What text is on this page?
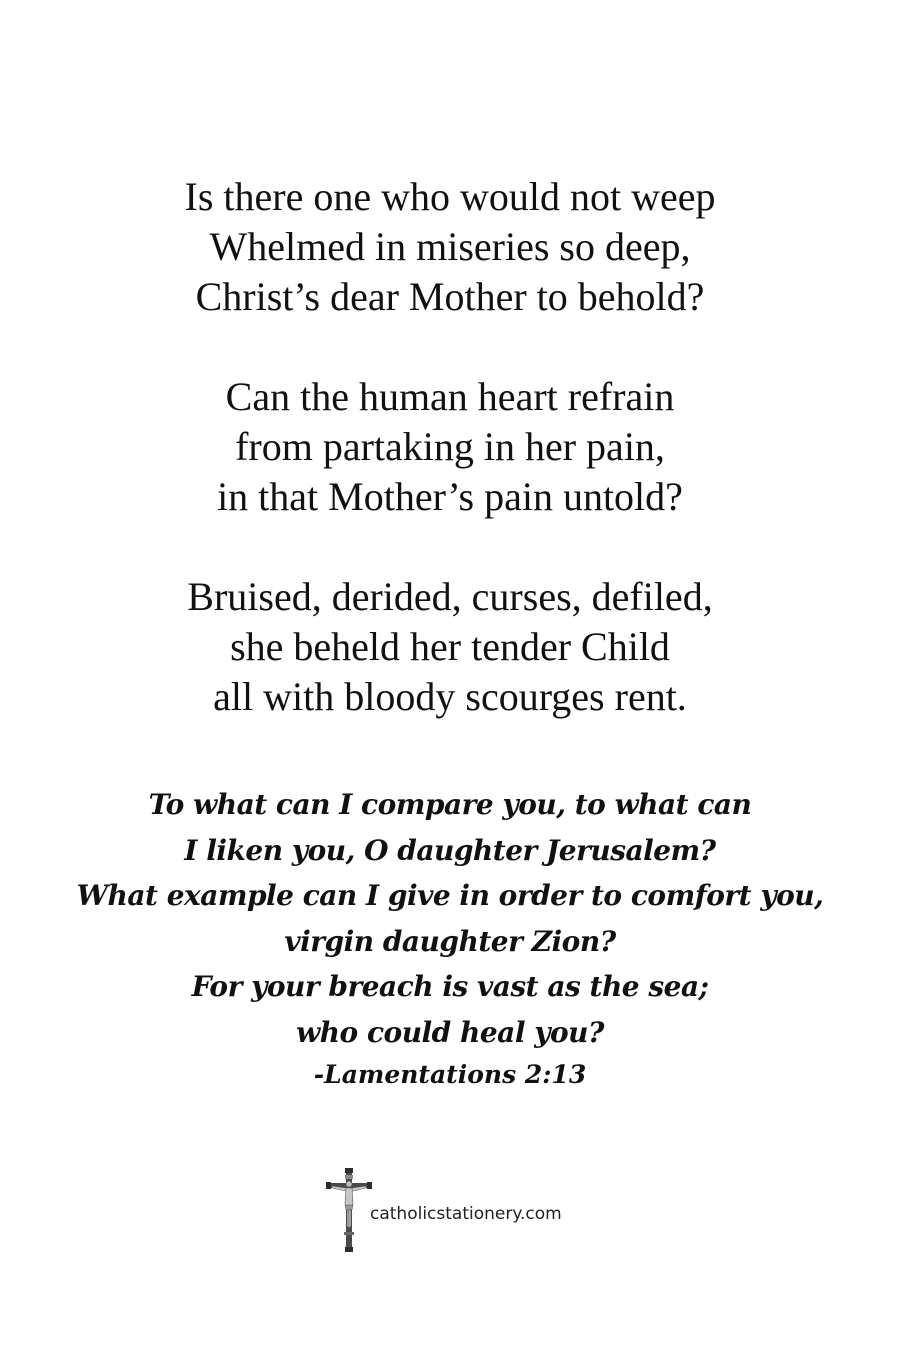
Is there one who would not weep
Whelmed in miseries so deep,
Christ’s dear Mother to behold?
Can the human heart refrain
from partaking in her pain,
in that Mother’s pain untold?
Bruised, derided, curses, defiled,
she beheld her tender Child
all with bloody scourges rent.
To what can I compare you, to what can
I liken you, O daughter Jerusalem?
What example can I give in order to comfort you,
virgin daughter Zion?
For your breach is vast as the sea;
who could heal you?
-Lamentations 2:13
catholicstationery.com
